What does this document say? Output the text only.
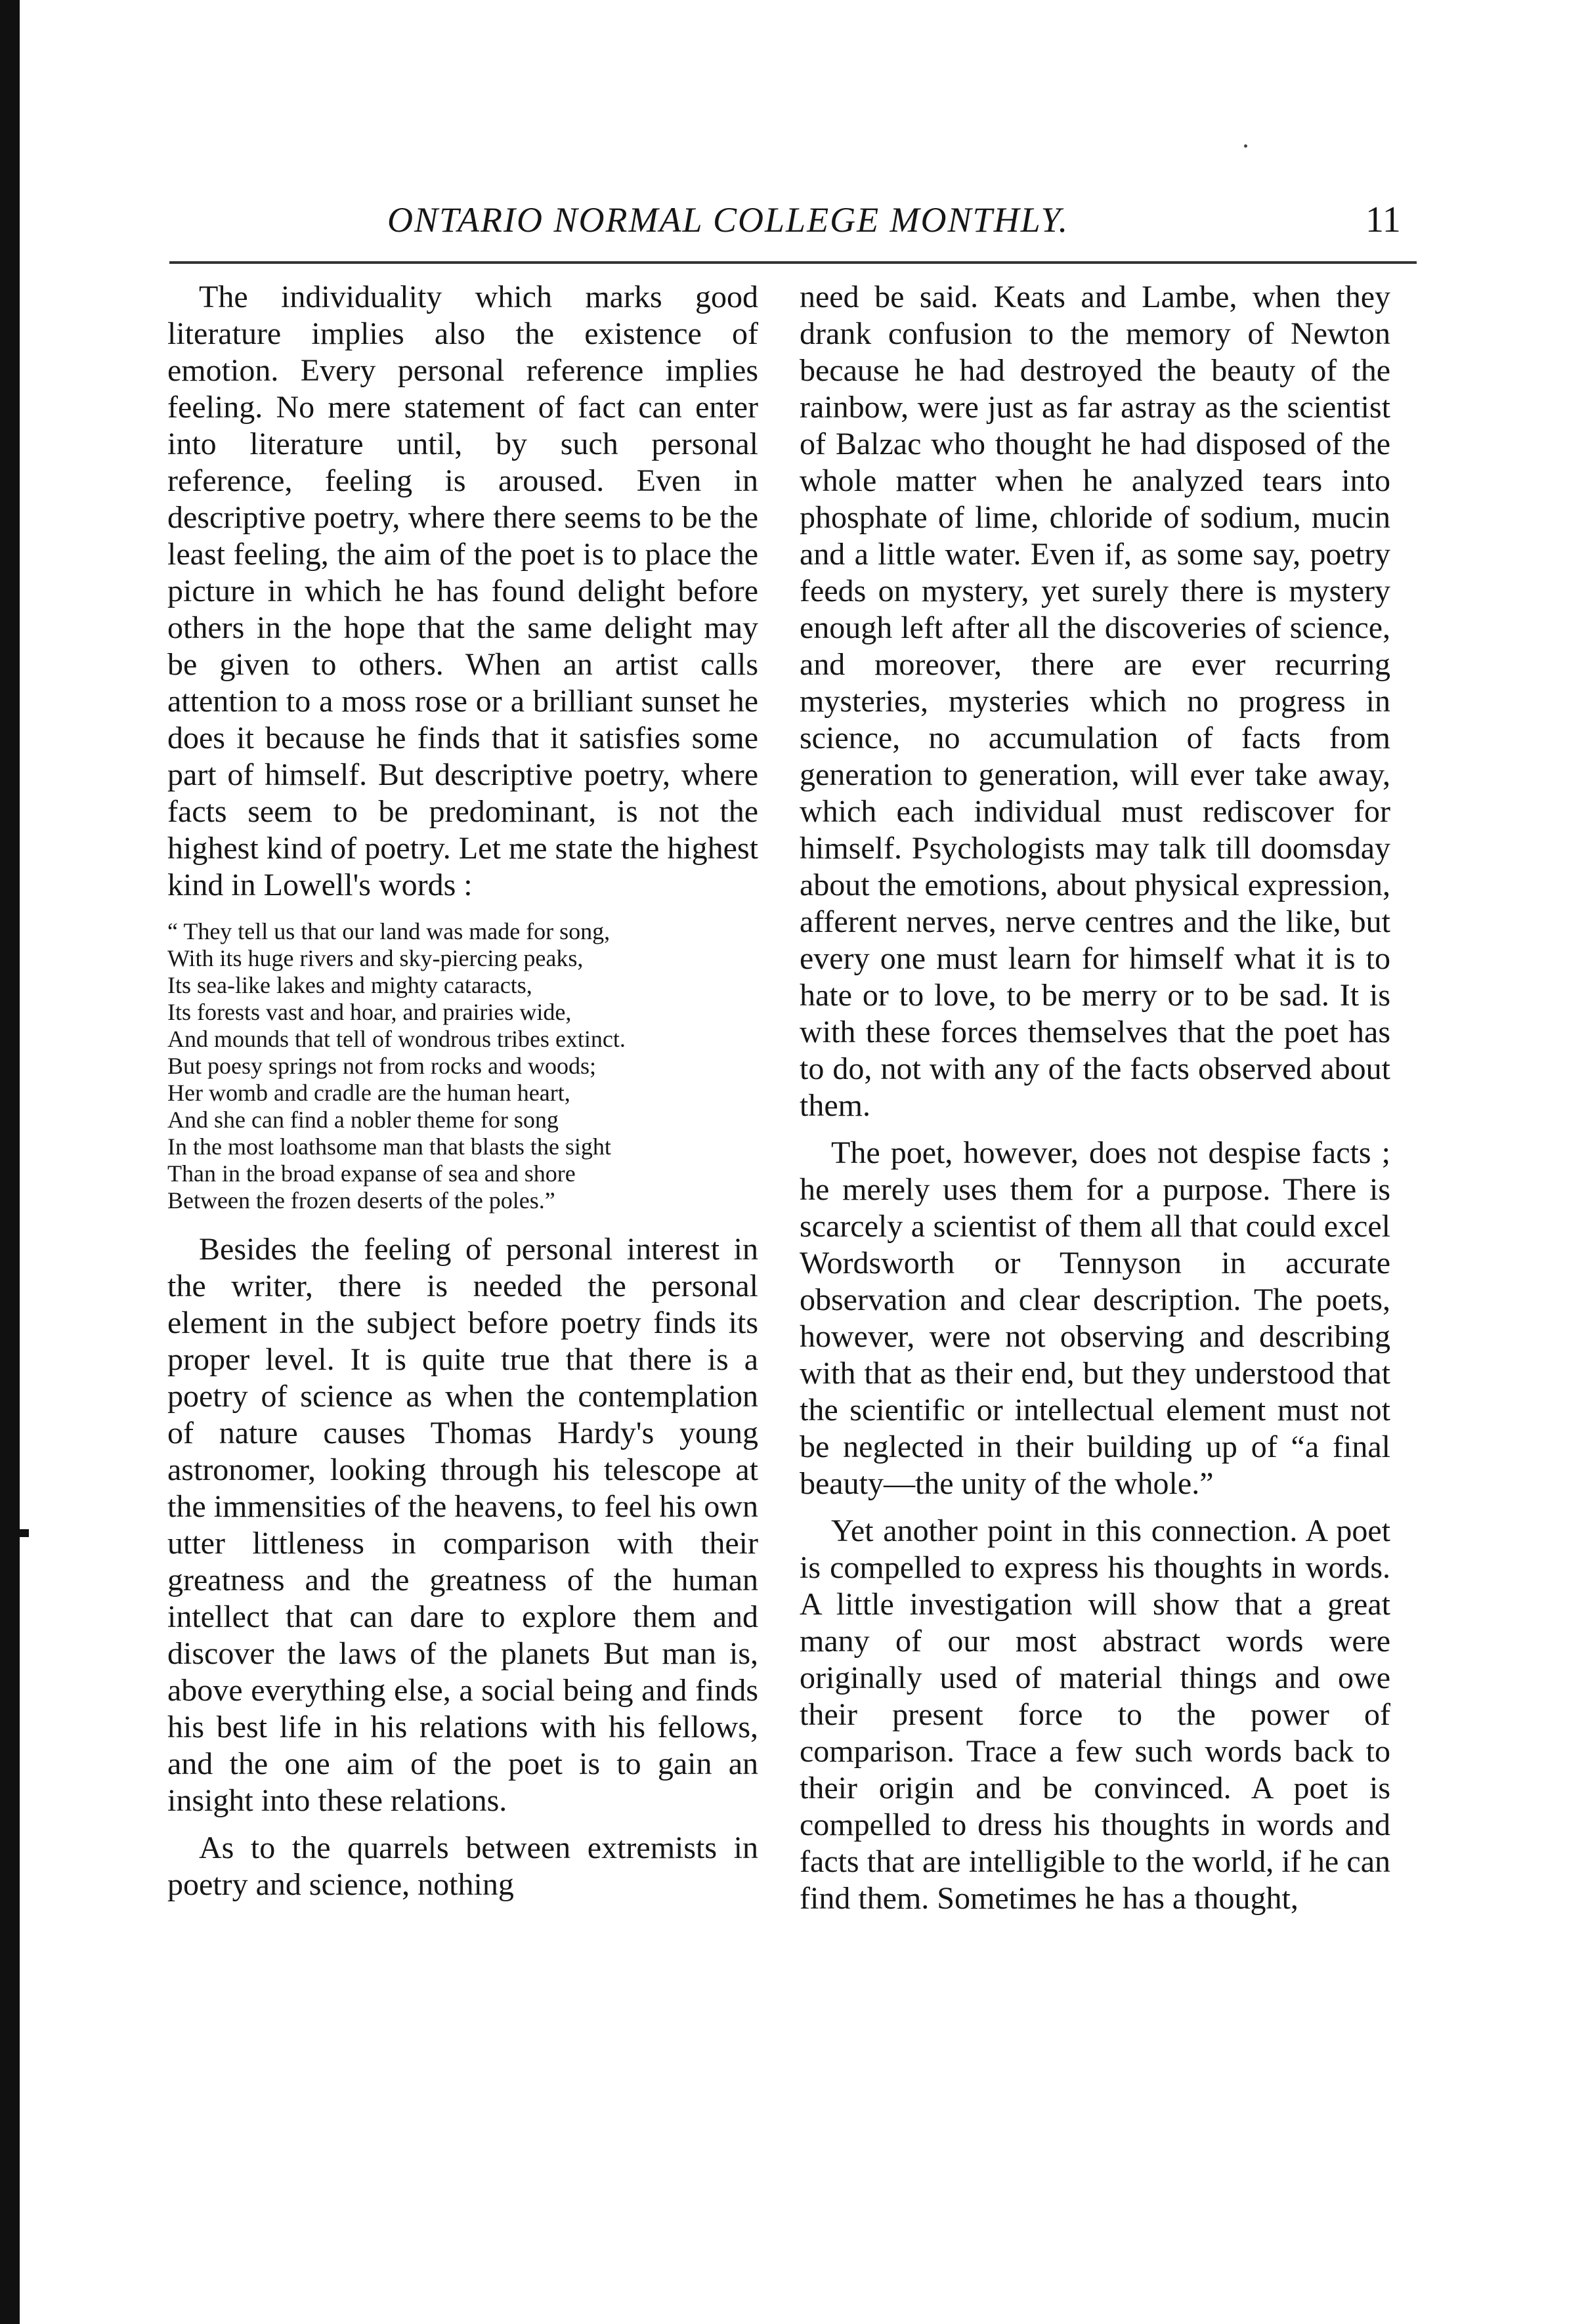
ONTARIO NORMAL COLLEGE MONTHLY.	11

The individuality which marks good literature implies also the existence of emotion. Every personal reference implies feeling. No mere statement of fact can enter into literature until, by such personal reference, feeling is aroused. Even in descriptive poetry, where there seems to be the least feeling, the aim of the poet is to place the picture in which he has found delight before others in the hope that the same delight may be given to others. When an artist calls attention to a moss rose or a brilliant sunset he does it because he finds that it satisfies some part of himself. But descriptive poetry, where facts seem to be predominant, is not the highest kind of poetry. Let me state the highest kind in Lowell's words :

“ They tell us that our land was made for song,
With its huge rivers and sky-piercing peaks,
Its sea-like lakes and mighty cataracts,
Its forests vast and hoar, and prairies wide,
And mounds that tell of wondrous tribes extinct.
But poesy springs not from rocks and woods;
Her womb and cradle are the human heart,
And she can find a nobler theme for song
In the most loathsome man that blasts the sight
Than in the broad expanse of sea and shore
Between the frozen deserts of the poles.”

Besides the feeling of personal interest in the writer, there is needed the personal element in the subject before poetry finds its proper level. It is quite true that there is a poetry of science as when the contemplation of nature causes Thomas Hardy's young astronomer, looking through his telescope at the immensities of the heavens, to feel his own utter littleness in comparison with their greatness and the greatness of the human intellect that can dare to explore them and discover the laws of the planets But man is, above everything else, a social being and finds his best life in his relations with his fellows, and the one aim of the poet is to gain an insight into these relations.

As to the quarrels between extremists in poetry and science, nothing

need be said. Keats and Lambe, when they drank confusion to the memory of Newton because he had destroyed the beauty of the rainbow, were just as far astray as the scientist of Balzac who thought he had disposed of the whole matter when he analyzed tears into phosphate of lime, chloride of sodium, mucin and a little water. Even if, as some say, poetry feeds on mystery, yet surely there is mystery enough left after all the discoveries of science, and moreover, there are ever recurring mysteries, mysteries which no progress in science, no accumulation of facts from generation to generation, will ever take away, which each individual must rediscover for himself. Psychologists may talk till doomsday about the emotions, about physical expression, afferent nerves, nerve centres and the like, but every one must learn for himself what it is to hate or to love, to be merry or to be sad. It is with these forces themselves that the poet has to do, not with any of the facts observed about them.

The poet, however, does not despise facts ; he merely uses them for a purpose. There is scarcely a scientist of them all that could excel Wordsworth or Tennyson in accurate observation and clear description. The poets, however, were not observing and describing with that as their end, but they understood that the scientific or intellectual element must not be neglected in their building up of “a final beauty—the unity of the whole.”

Yet another point in this connection. A poet is compelled to express his thoughts in words. A little investigation will show that a great many of our most abstract words were originally used of material things and owe their present force to the power of comparison. Trace a few such words back to their origin and be convinced. A poet is compelled to dress his thoughts in words and facts that are intelligible to the world, if he can find them. Sometimes he has a thought,
